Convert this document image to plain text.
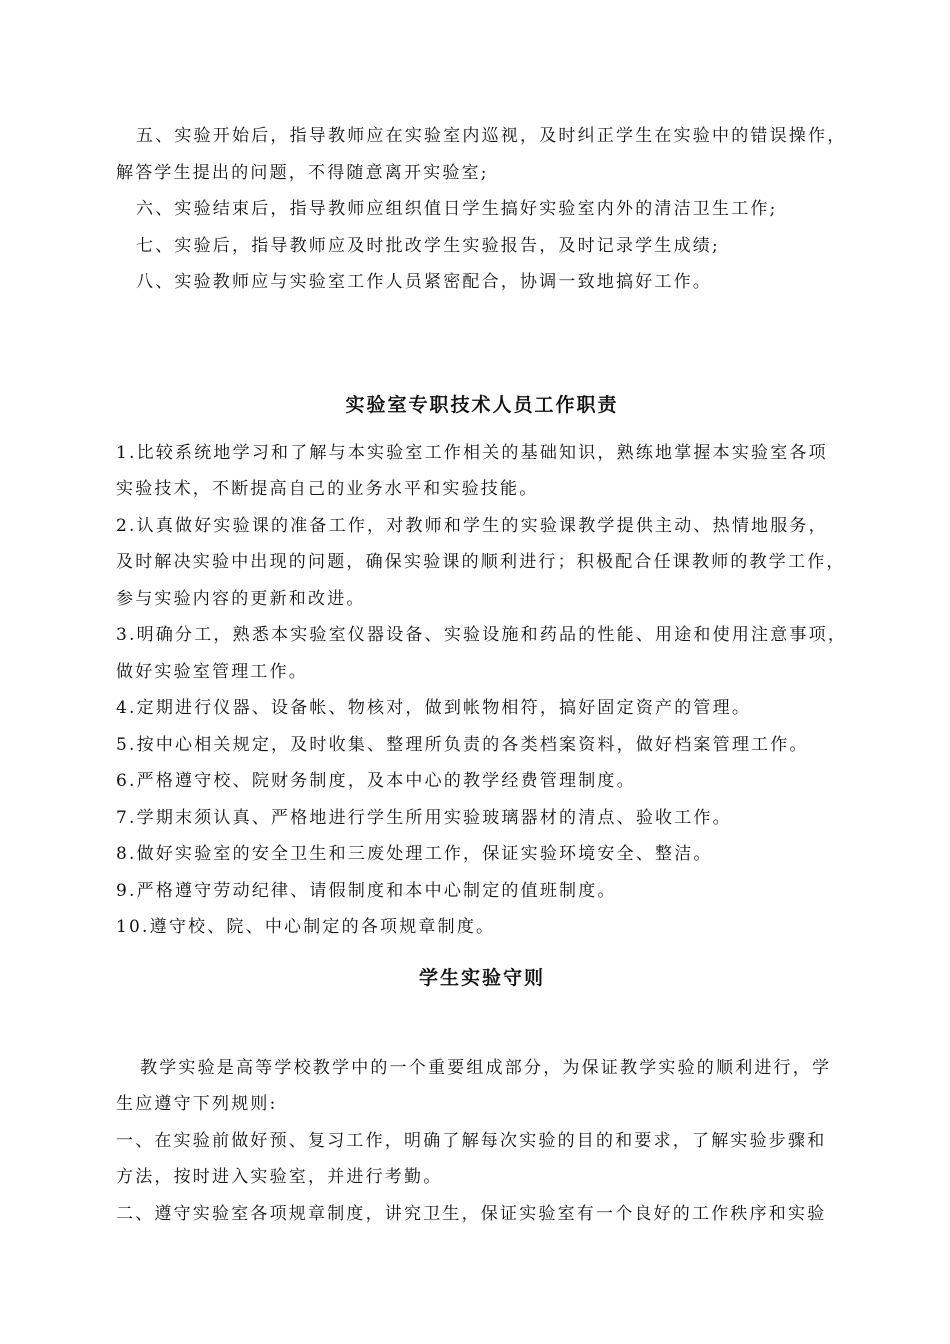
五、实验开始后，指导教师应在实验室内巡视，及时纠正学生在实验中的错误操作，

解答学生提出的问题，不得随意离开实验室;

六、实验结束后，指导教师应组织值日学生搞好实验室内外的清洁卫生工作;

七、实验后，指导教师应及时批改学生实验报告，及时记录学生成绩;

八、实验教师应与实验室工作人员紧密配合，协调一致地搞好工作。

实验室专职技术人员工作职责

1.比较系统地学习和了解与本实验室工作相关的基础知识，熟练地掌握本实验室各项

实验技术，不断提高自己的业务水平和实验技能。

2.认真做好实验课的准备工作，对教师和学生的实验课教学提供主动、热情地服务，

及时解决实验中出现的问题，确保实验课的顺利进行；积极配合任课教师的教学工作，

参与实验内容的更新和改进。

3.明确分工，熟悉本实验室仪器设备、实验设施和药品的性能、用途和使用注意事项，

做好实验室管理工作。

4.定期进行仪器、设备帐、物核对，做到帐物相符，搞好固定资产的管理。

5.按中心相关规定，及时收集、整理所负责的各类档案资料，做好档案管理工作。

6.严格遵守校、院财务制度，及本中心的教学经费管理制度。

7.学期末须认真、严格地进行学生所用实验玻璃器材的清点、验收工作。

8.做好实验室的安全卫生和三废处理工作，保证实验环境安全、整洁。

9.严格遵守劳动纪律、请假制度和本中心制定的值班制度。

10.遵守校、院、中心制定的各项规章制度。

学生实验守则

教学实验是高等学校教学中的一个重要组成部分，为保证教学实验的顺利进行，学

生应遵守下列规则:

一、在实验前做好预、复习工作，明确了解每次实验的目的和要求，了解实验步骤和

方法，按时进入实验室，并进行考勤。

二、遵守实验室各项规章制度，讲究卫生，保证实验室有一个良好的工作秩序和实验
